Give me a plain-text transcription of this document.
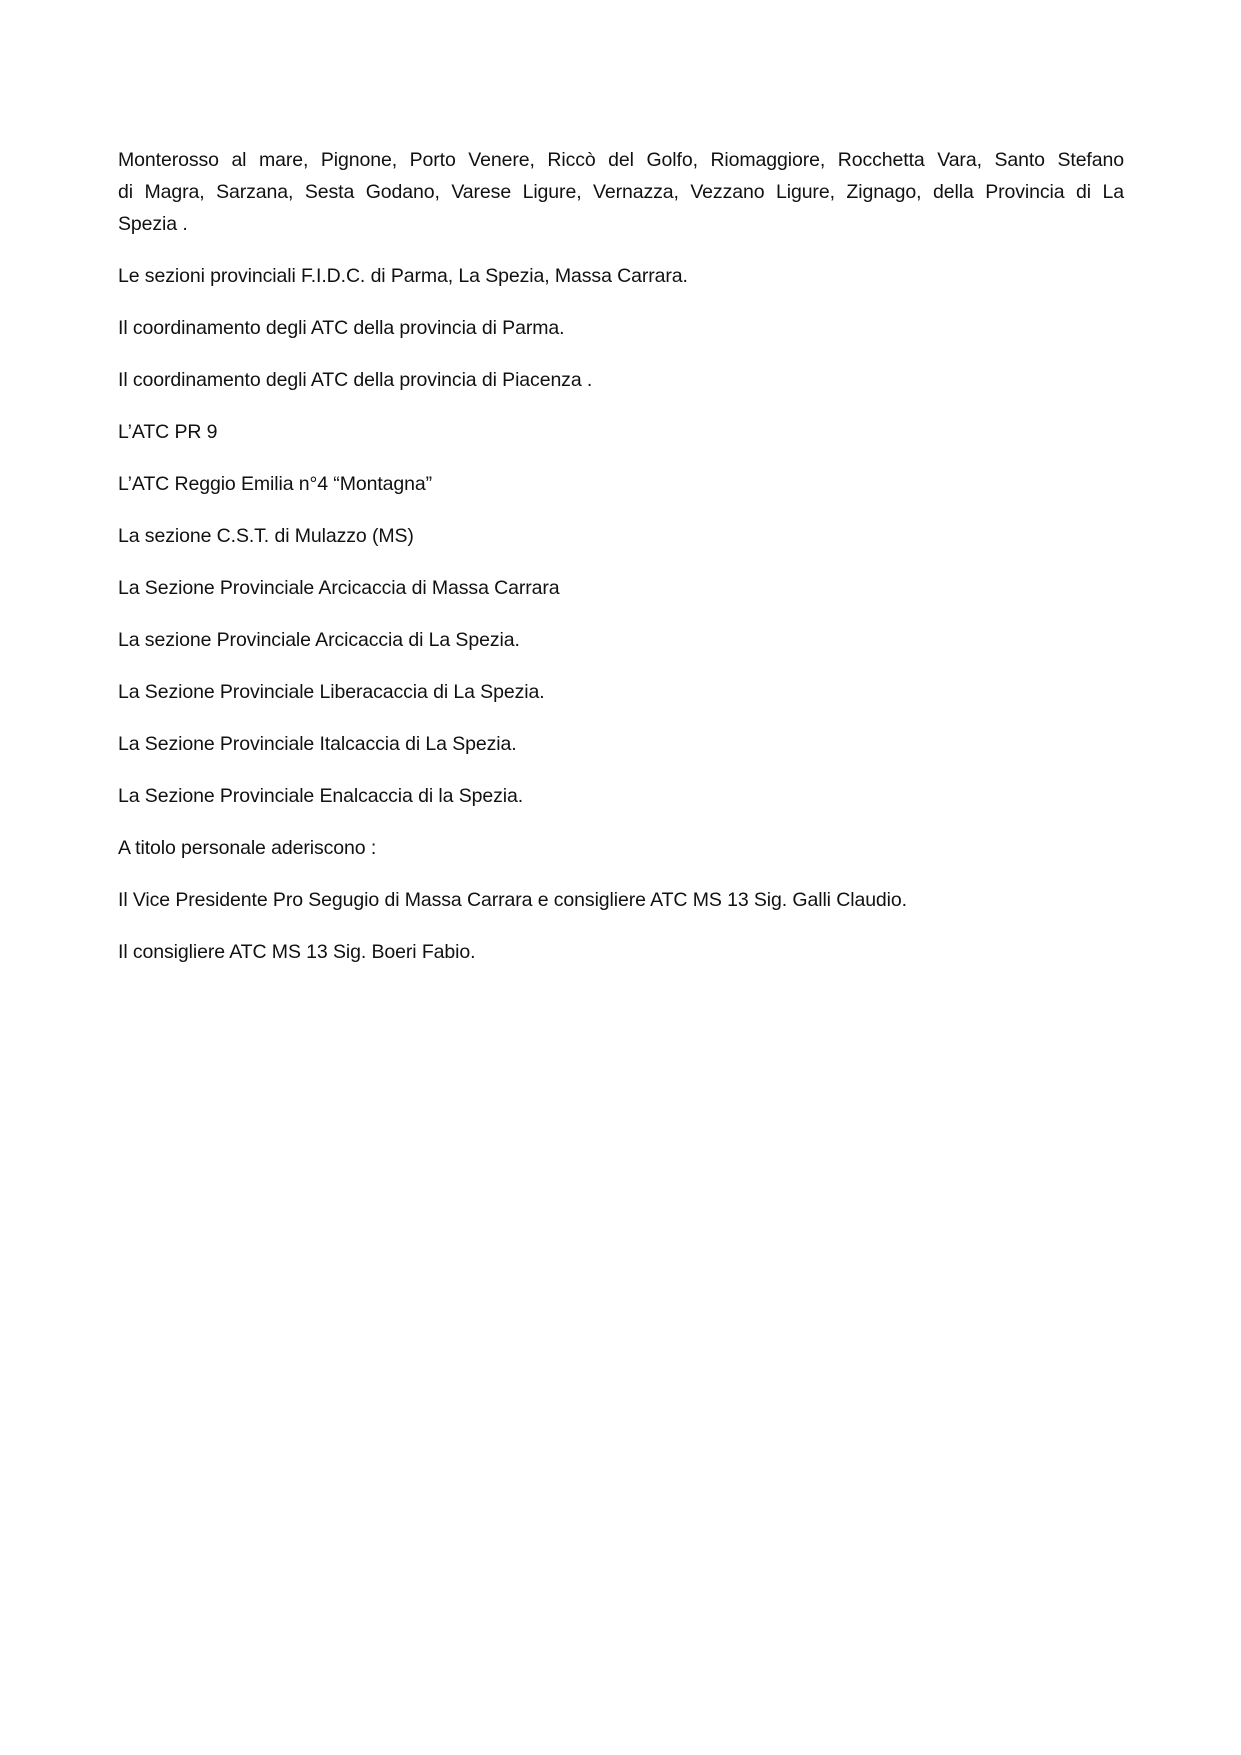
Monterosso al mare, Pignone, Porto Venere, Riccò del Golfo, Riomaggiore, Rocchetta Vara, Santo Stefano
di Magra, Sarzana, Sesta Godano, Varese Ligure, Vernazza, Vezzano Ligure, Zignago, della Provincia di La
Spezia .

Le sezioni provinciali F.I.D.C. di Parma, La Spezia, Massa Carrara.

Il coordinamento degli ATC della provincia di Parma.

Il coordinamento degli ATC della provincia di Piacenza .

L’ATC PR 9

L’ATC Reggio Emilia n°4 “Montagna”

La sezione C.S.T. di Mulazzo (MS)

La Sezione Provinciale Arcicaccia di Massa Carrara

La sezione Provinciale Arcicaccia di La Spezia.

La Sezione Provinciale Liberacaccia di La Spezia.

La Sezione Provinciale Italcaccia di La Spezia.

La Sezione Provinciale Enalcaccia di la Spezia.

A titolo personale aderiscono :

Il Vice Presidente Pro Segugio di Massa Carrara e consigliere ATC MS 13 Sig. Galli Claudio.

Il consigliere ATC MS 13 Sig. Boeri Fabio.
